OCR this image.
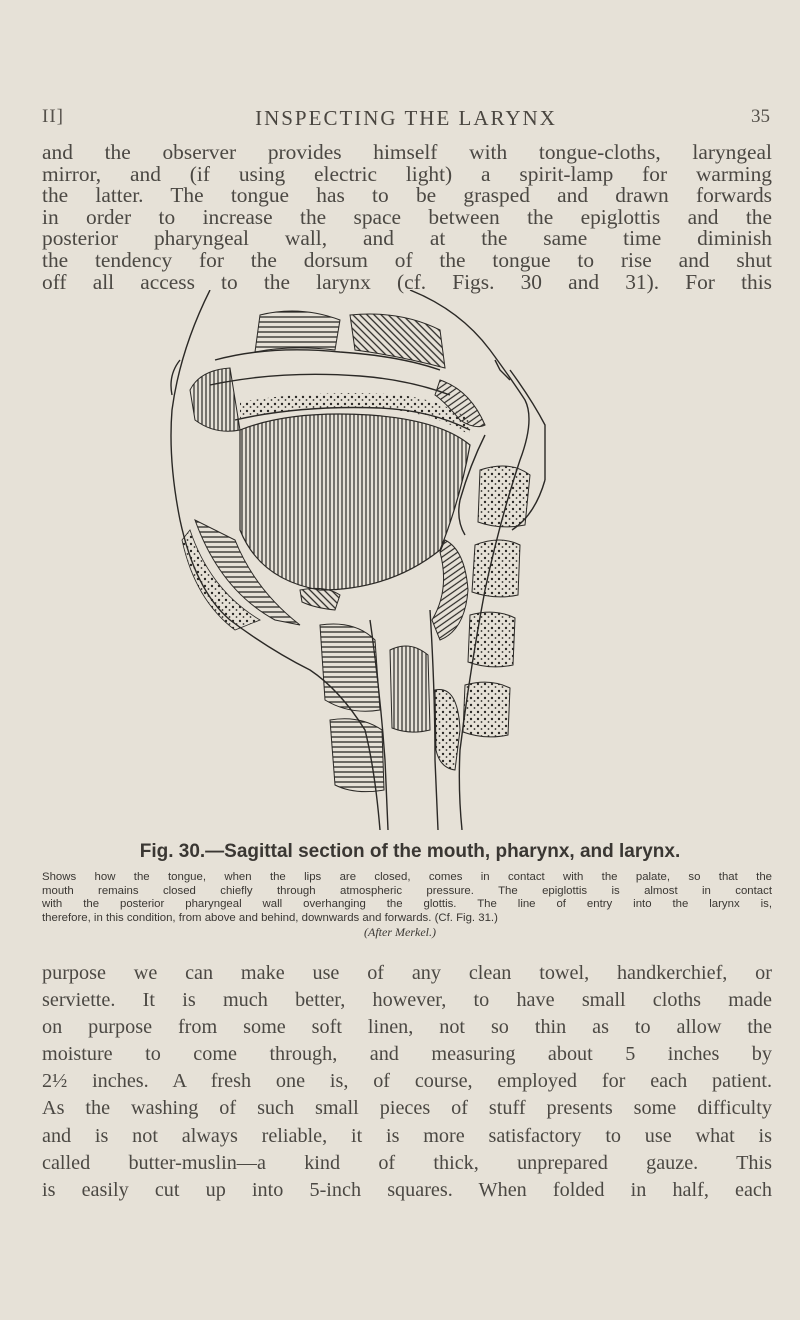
II]	INSPECTING THE LARYNX	35
and the observer provides himself with tongue-cloths, laryngeal
mirror, and (if using electric light) a spirit-lamp for warming
the latter. The tongue has to be grasped and drawn forwards
in order to increase the space between the epiglottis and the
posterior pharyngeal wall, and at the same time diminish
the tendency for the dorsum of the tongue to rise and shut
off all access to the larynx (cf. Figs. 30 and 31). For this
Fig. 30.—Sagittal section of the mouth, pharynx, and larynx.
Shows how the tongue, when the lips are closed, comes in contact with the palate, so that the
mouth remains closed chiefly through atmospheric pressure. The epiglottis is almost in contact
with the posterior pharyngeal wall overhanging the glottis. The line of entry into the larynx is,
therefore, in this condition, from above and behind, downwards and forwards. (Cf. Fig. 31.)
(After Merkel.)
purpose we can make use of any clean towel, handkerchief, or
serviette. It is much better, however, to have small cloths made
on purpose from some soft linen, not so thin as to allow the
moisture to come through, and measuring about 5 inches by
2½ inches. A fresh one is, of course, employed for each patient.
As the washing of such small pieces of stuff presents some difficulty
and is not always reliable, it is more satisfactory to use what is
called butter-muslin—a kind of thick, unprepared gauze. This
is easily cut up into 5-inch squares. When folded in half, each
